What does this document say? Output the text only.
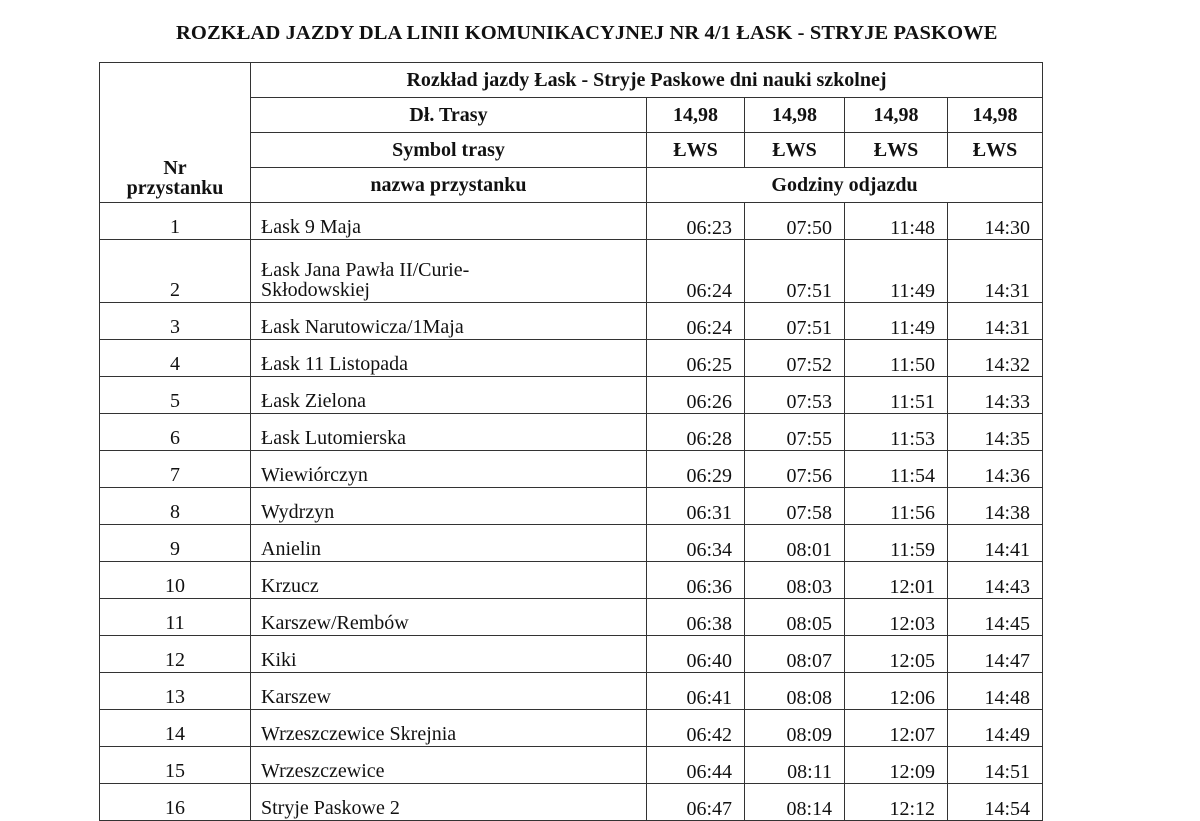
ROZKŁAD JAZDY DLA LINII KOMUNIKACYJNEJ NR 4/1 ŁASK - STRYJE PASKOWE
Nr
przystanku	Rozkład jazdy Łask - Stryje Paskowe dni nauki szkolnej				
	Dł. Trasy	14,98	14,98	14,98	14,98
	Symbol trasy	ŁWS	ŁWS	ŁWS	ŁWS
	nazwa przystanku	Godziny odjazdu			
1	Łask 9 Maja	06:23	07:50	11:48	14:30
2	Łask Jana Pawła II/Curie-
Skłodowskiej	06:24	07:51	11:49	14:31
3	Łask Narutowicza/1Maja	06:24	07:51	11:49	14:31
4	Łask 11 Listopada	06:25	07:52	11:50	14:32
5	Łask Zielona	06:26	07:53	11:51	14:33
6	Łask Lutomierska	06:28	07:55	11:53	14:35
7	Wiewiórczyn	06:29	07:56	11:54	14:36
8	Wydrzyn	06:31	07:58	11:56	14:38
9	Anielin	06:34	08:01	11:59	14:41
10	Krzucz	06:36	08:03	12:01	14:43
11	Karszew/Rembów	06:38	08:05	12:03	14:45
12	Kiki	06:40	08:07	12:05	14:47
13	Karszew	06:41	08:08	12:06	14:48
14	Wrzeszczewice Skrejnia	06:42	08:09	12:07	14:49
15	Wrzeszczewice	06:44	08:11	12:09	14:51
16	Stryje Paskowe 2	06:47	08:14	12:12	14:54
